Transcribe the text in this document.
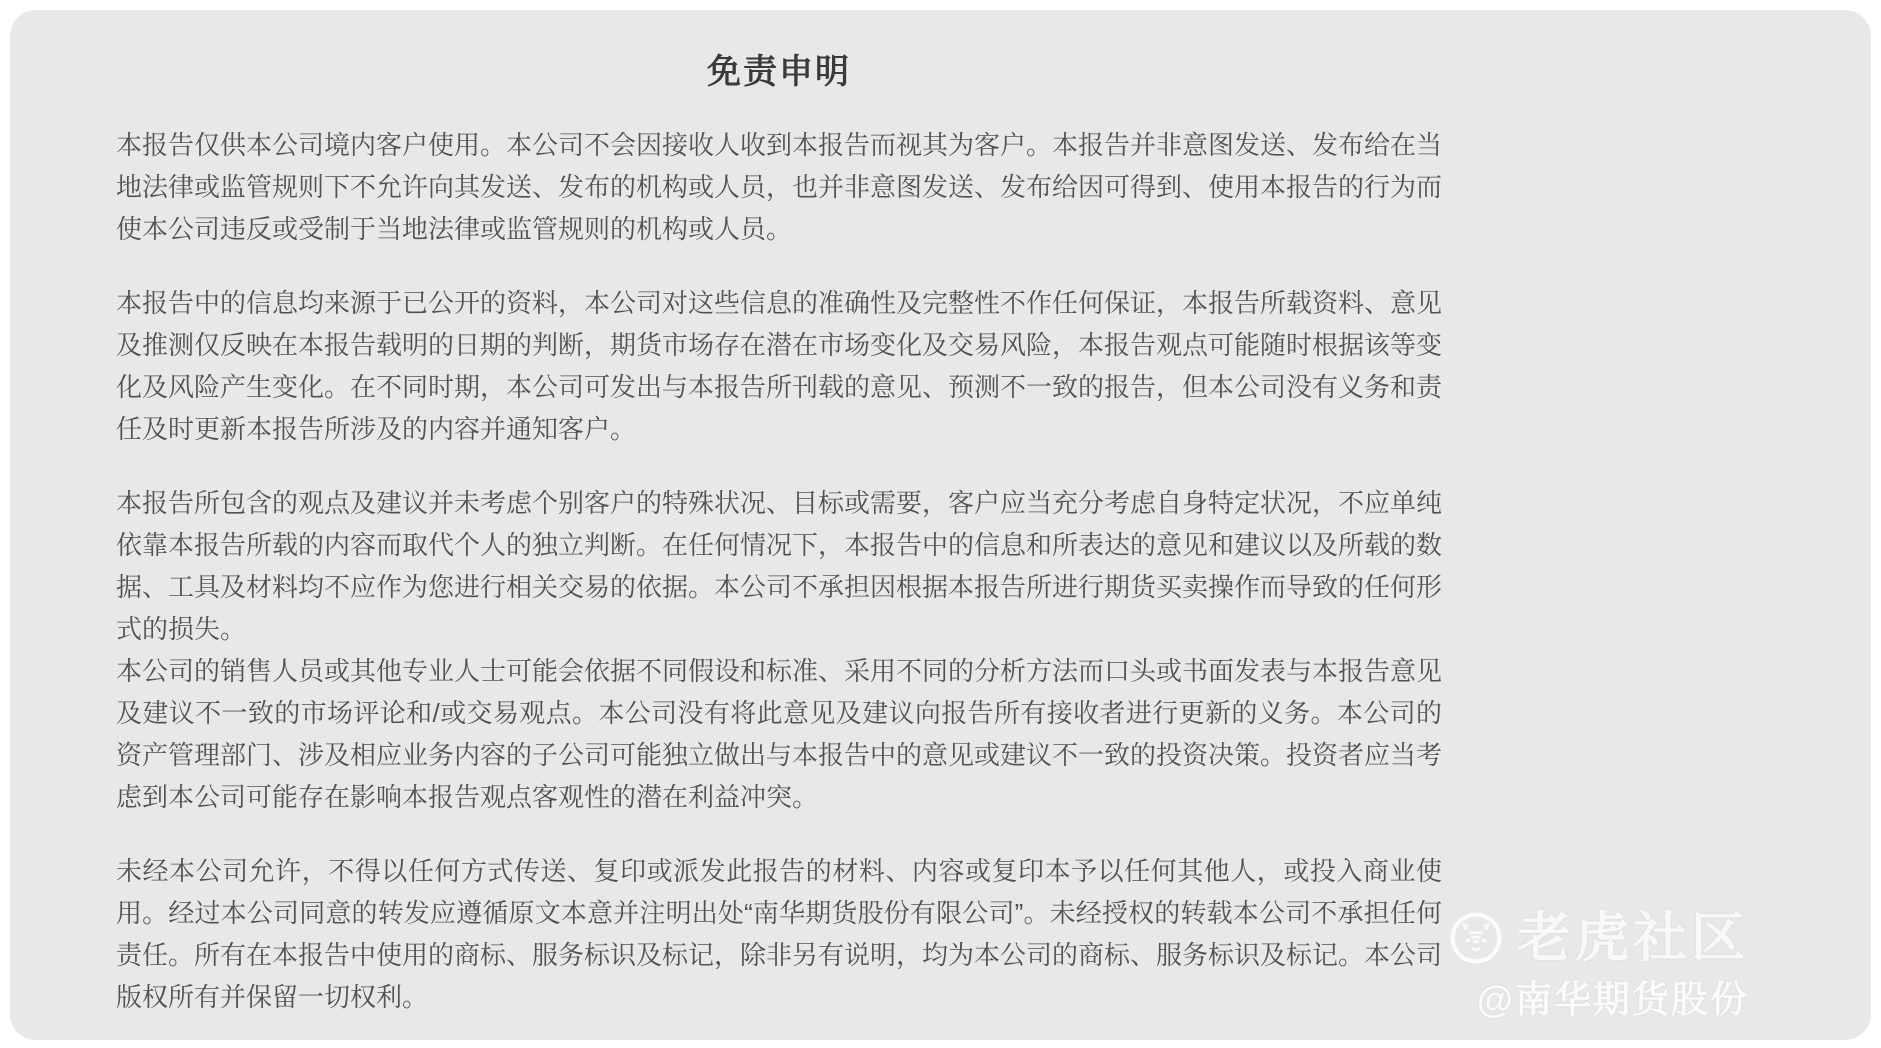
免责申明

本报告仅供本公司境内客户使用。本公司不会因接收人收到本报告而视其为客户。本报告并非意图发送、发布给在当地法律或监管规则下不允许向其发送、发布的机构或人员，也并非意图发送、发布给因可得到、使用本报告的行为而使本公司违反或受制于当地法律或监管规则的机构或人员。

本报告中的信息均来源于已公开的资料，本公司对这些信息的准确性及完整性不作任何保证，本报告所载资料、意见及推测仅反映在本报告载明的日期的判断，期货市场存在潜在市场变化及交易风险，本报告观点可能随时根据该等变化及风险产生变化。在不同时期，本公司可发出与本报告所刊载的意见、预测不一致的报告，但本公司没有义务和责任及时更新本报告所涉及的内容并通知客户。

本报告所包含的观点及建议并未考虑个别客户的特殊状况、目标或需要，客户应当充分考虑自身特定状况，不应单纯依靠本报告所载的内容而取代个人的独立判断。在任何情况下，本报告中的信息和所表达的意见和建议以及所载的数据、工具及材料均不应作为您进行相关交易的依据。本公司不承担因根据本报告所进行期货买卖操作而导致的任何形式的损失。

本公司的销售人员或其他专业人士可能会依据不同假设和标准、采用不同的分析方法而口头或书面发表与本报告意见及建议不一致的市场评论和/或交易观点。本公司没有将此意见及建议向报告所有接收者进行更新的义务。本公司的资产管理部门、涉及相应业务内容的子公司可能独立做出与本报告中的意见或建议不一致的投资决策。投资者应当考虑到本公司可能存在影响本报告观点客观性的潜在利益冲突。

未经本公司允许，不得以任何方式传送、复印或派发此报告的材料、内容或复印本予以任何其他人，或投入商业使用。经过本公司同意的转发应遵循原文本意并注明出处“南华期货股份有限公司”。未经授权的转载本公司不承担任何责任。所有在本报告中使用的商标、服务标识及标记，除非另有说明，均为本公司的商标、服务标识及标记。本公司版权所有并保留一切权利。

老虎社区
@南华期货股份
